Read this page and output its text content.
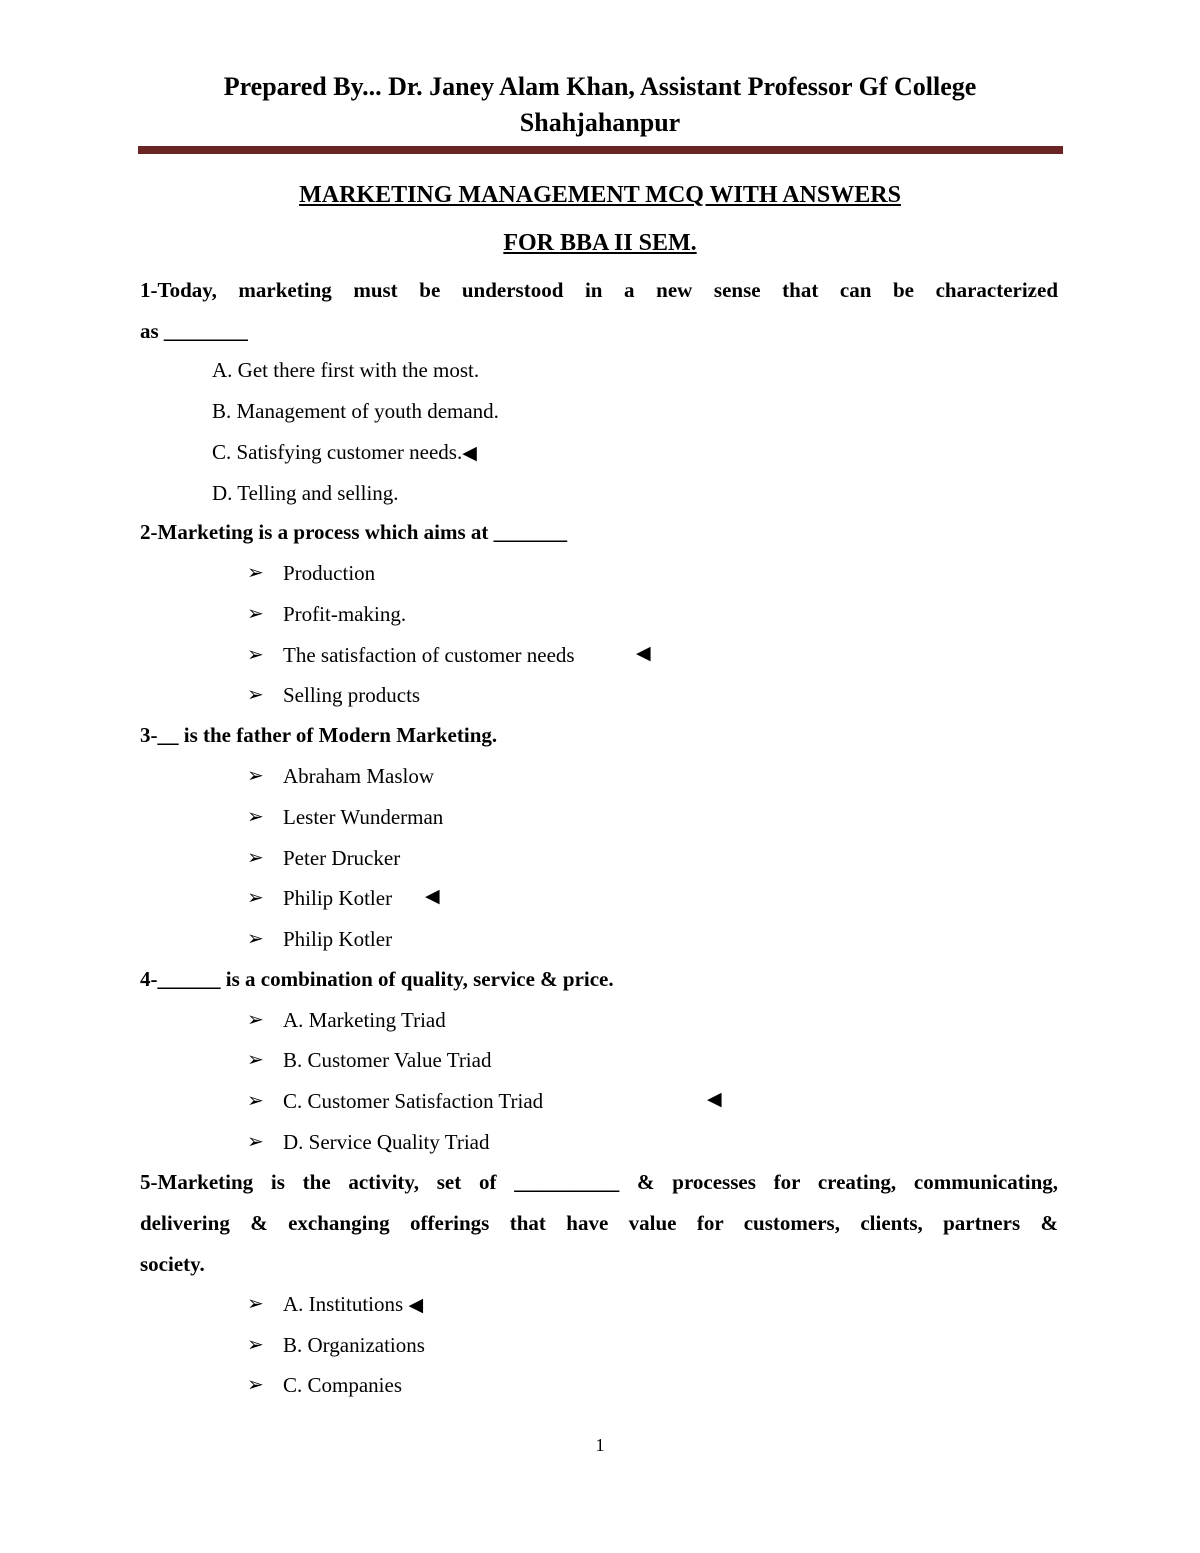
Prepared By... Dr. Janey Alam Khan, Assistant Professor Gf College
Shahjahanpur
MARKETING MANAGEMENT MCQ WITH ANSWERS
FOR BBA II SEM.
1-Today, marketing must be understood in a new sense that can be characterized
as ________
A. Get there first with the most.
B. Management of youth demand.
C. Satisfying customer needs.◀
D. Telling and selling.
2-Marketing is a process which aims at _______
➢ Production
➢ Profit-making.
➢ The satisfaction of customer needs	◀
➢ Selling products
3-__ is the father of Modern Marketing.
➢ Abraham Maslow
➢ Lester Wunderman
➢ Peter Drucker
➢ Philip Kotler ◀
➢ Philip Kotler
4-______ is a combination of quality, service & price.
➢ A. Marketing Triad
➢ B. Customer Value Triad
➢ C. Customer Satisfaction Triad	◀
➢ D. Service Quality Triad
5-Marketing is the activity, set of __________ & processes for creating, communicating,
delivering & exchanging offerings that have value for customers, clients, partners &
society.
➢ A. Institutions ◀
➢ B. Organizations
➢ C. Companies
1
